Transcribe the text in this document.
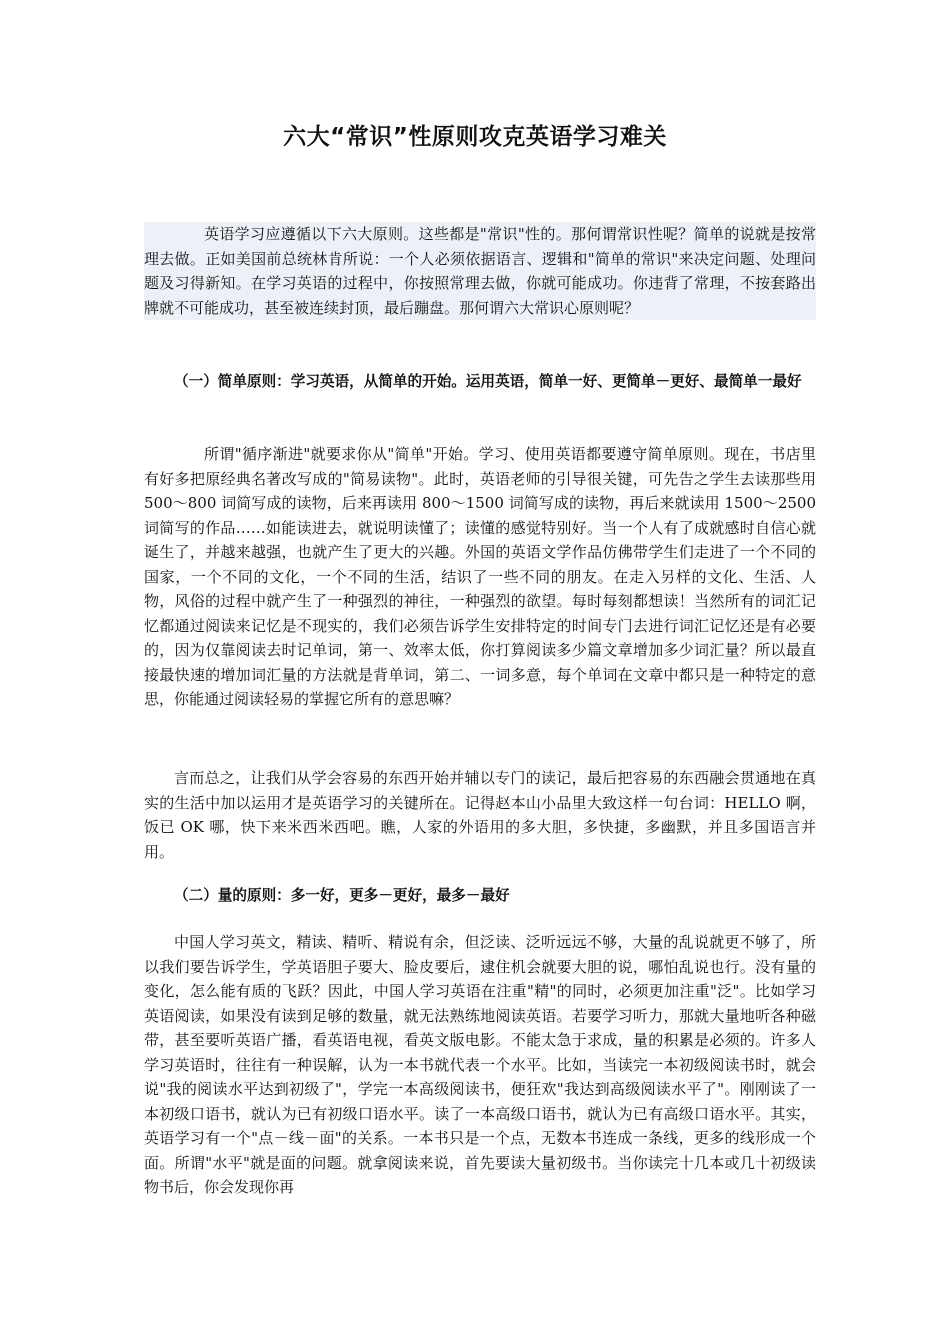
六大“常识”性原则攻克英语学习难关
英语学习应遵循以下六大原则。这些都是"常识"性的。那何谓常识性呢？简单的说就是按常理去做。正如美国前总统林肯所说：一个人必须依据语言、逻辑和"简单的常识"来决定问题、处理问题及习得新知。在学习英语的过程中，你按照常理去做，你就可能成功。你违背了常理，不按套路出牌就不可能成功，甚至被连续封顶，最后蹦盘。那何谓六大常识心原则呢？
（一）简单原则：学习英语，从简单的开始。运用英语，简单一好、更简单－更好、最简单一最好
所谓"循序渐进"就要求你从"简单"开始。学习、使用英语都要遵守简单原则。现在，书店里有好多把原经典名著改写成的"简易读物"。此时，英语老师的引导很关键，可先告之学生去读那些用 500～800 词简写成的读物，后来再读用 800～1500 词简写成的读物，再后来就读用 1500～2500 词简写的作品……如能读进去，就说明读懂了；读懂的感觉特别好。当一个人有了成就感时自信心就诞生了，并越来越强，也就产生了更大的兴趣。外国的英语文学作品仿佛带学生们走进了一个不同的国家，一个不同的文化，一个不同的生活，结识了一些不同的朋友。在走入另样的文化、生活、人物，风俗的过程中就产生了一种强烈的神往，一种强烈的欲望。每时每刻都想读！当然所有的词汇记忆都通过阅读来记忆是不现实的，我们必须告诉学生安排特定的时间专门去进行词汇记忆还是有必要的，因为仅靠阅读去时记单词，第一、效率太低，你打算阅读多少篇文章增加多少词汇量？所以最直接最快速的增加词汇量的方法就是背单词，第二、一词多意，每个单词在文章中都只是一种特定的意思，你能通过阅读轻易的掌握它所有的意思嘛？
言而总之，让我们从学会容易的东西开始并辅以专门的读记，最后把容易的东西融会贯通地在真实的生活中加以运用才是英语学习的关键所在。记得赵本山小品里大致这样一句台词：HELLO 啊，饭已 OK 哪，快下来米西米西吧。瞧，人家的外语用的多大胆，多快捷，多幽默，并且多国语言并用。
（二）量的原则：多一好，更多－更好，最多－最好
中国人学习英文，精读、精听、精说有余，但泛读、泛听远远不够，大量的乱说就更不够了，所以我们要告诉学生，学英语胆子要大、脸皮要后，逮住机会就要大胆的说，哪怕乱说也行。没有量的变化，怎么能有质的飞跃？因此，中国人学习英语在注重"精"的同时，必须更加注重"泛"。比如学习英语阅读，如果没有读到足够的数量，就无法熟练地阅读英语。若要学习听力，那就大量地听各种磁带，甚至要听英语广播，看英语电视，看英文版电影。不能太急于求成，量的积累是必须的。许多人学习英语时，往往有一种误解，认为一本书就代表一个水平。比如，当读完一本初级阅读书时，就会说"我的阅读水平达到初级了"，学完一本高级阅读书，便狂欢"我达到高级阅读水平了"。刚刚读了一本初级口语书，就认为已有初级口语水平。读了一本高级口语书，就认为已有高级口语水平。其实，英语学习有一个"点－线－面"的关系。一本书只是一个点，无数本书连成一条线，更多的线形成一个面。所谓"水平"就是面的问题。就拿阅读来说，首先要读大量初级书。当你读完十几本或几十初级读物书后，你会发现你再
